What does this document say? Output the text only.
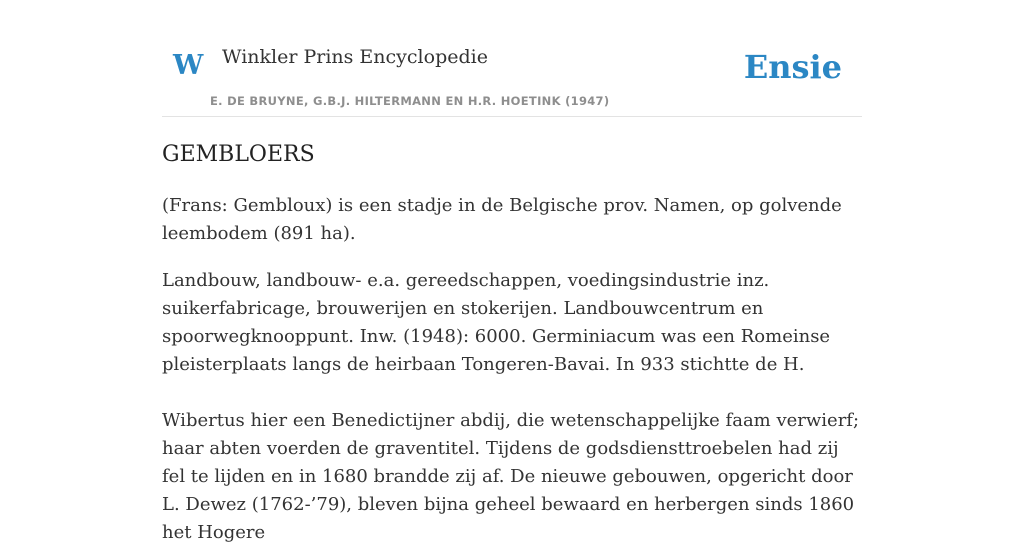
W Winkler Prins Encyclopedie
E. DE BRUYNE, G.B.J. HILTERMANN EN H.R. HOETINK (1947)
Ensie
GEMBLOERS

(Frans: Gembloux) is een stadje in de Belgische prov. Namen, op golvende leembodem (891 ha).

Landbouw, landbouw- e.a. gereedschappen, voedingsindustrie inz. suikerfabricage, brouwerijen en stokerijen. Landbouwcentrum en spoorwegknooppunt. Inw. (1948): 6000. Germiniacum was een Romeinse pleisterplaats langs de heirbaan Tongeren-Bavai. In 933 stichtte de H.

Wibertus hier een Benedictijner abdij, die wetenschappelijke faam verwierf; haar abten voerden de graventitel. Tijdens de godsdiensttroebelen had zij fel te lijden en in 1680 brandde zij af. De nieuwe gebouwen, opgericht door L. Dewez (1762-’79), bleven bijna geheel bewaard en herbergen sinds 1860 het Hogere
